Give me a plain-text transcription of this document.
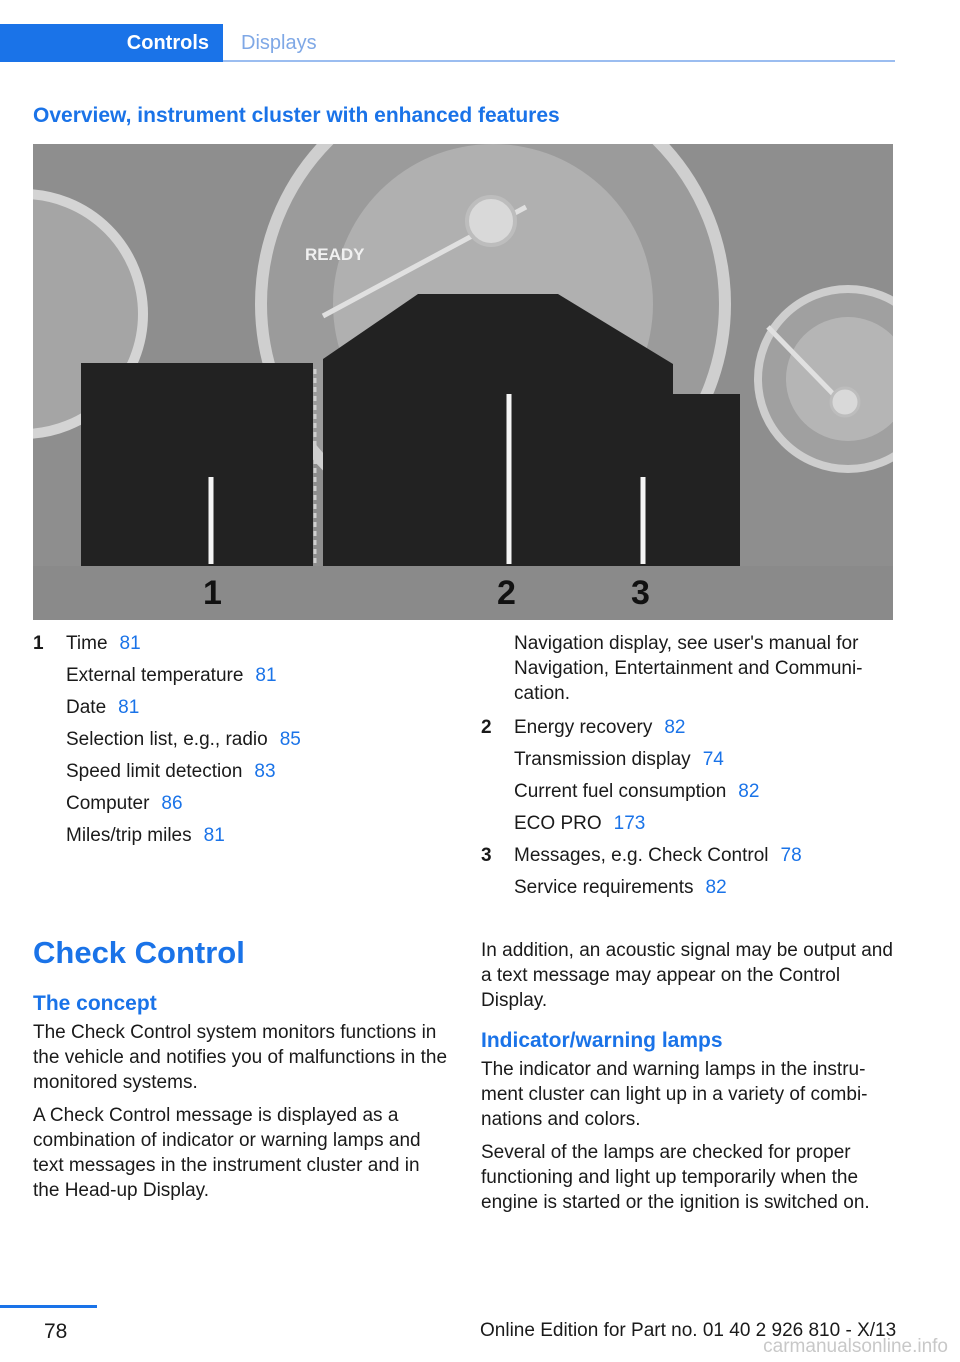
Controls	Displays
Overview, instrument cluster with enhanced features
READY
1	2	3
1 Time 81
External temperature 81
Date 81
Selection list, e.g., radio 85
Speed limit detection 83
Computer 86
Miles/trip miles 81
Navigation display, see user's manual for
Navigation, Entertainment and Communi-
cation.
2 Energy recovery 82
Transmission display 74
Current fuel consumption 82
ECO PRO 173
3 Messages, e.g. Check Control 78
Service requirements 82
Check Control
The concept

The Check Control system monitors functions in the vehicle and notifies you of malfunctions in the monitored systems.

A Check Control message is displayed as a combination of indicator or warning lamps and text messages in the instrument cluster and in the Head-up Display.

In addition, an acoustic signal may be output and a text message may appear on the Control Display.

Indicator/warning lamps

The indicator and warning lamps in the instru- ment cluster can light up in a variety of combi- nations and colors.

Several of the lamps are checked for proper functioning and light up temporarily when the engine is started or the ignition is switched on.

78	Online Edition for Part no. 01 40 2 926 810 - X/13
carmanualsonline.info
